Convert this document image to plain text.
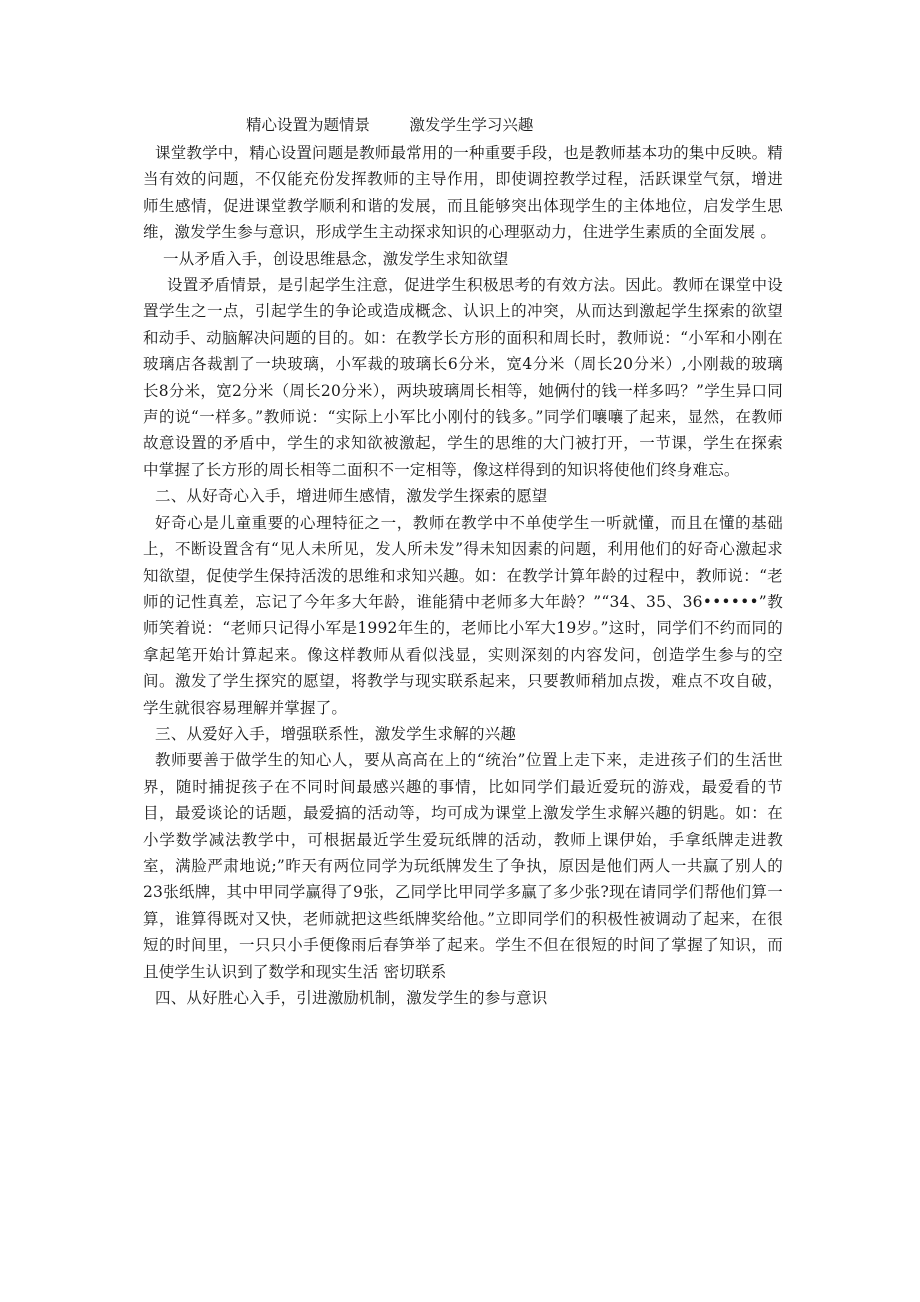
精心设置为题情景        激发学生学习兴趣

课堂教学中，精心设置问题是教师最常用的一种重要手段，也是教师基本功的集中反映。精当有效的问题，不仅能充份发挥教师的主导作用，即使调控教学过程，活跃课堂气氛，增进师生感情，促进课堂教学顺利和谐的发展，而且能够突出体现学生的主体地位，启发学生思维，激发学生参与意识，形成学生主动探求知识的心理驱动力，住进学生素质的全面发展 。

一从矛盾入手，创设思维悬念，激发学生求知欲望

设置矛盾情景，是引起学生注意，促进学生积极思考的有效方法。因此。教师在课堂中设置学生之一点，引起学生的争论或造成概念、认识上的冲突，从而达到激起学生探索的欲望和动手、动脑解决问题的目的。如：在教学长方形的面积和周长时，教师说：“小军和小刚在玻璃店各裁割了一块玻璃，小军裁的玻璃长6分米，宽4分米（周长20分米）,小刚裁的玻璃长8分米，宽2分米（周长20分米），两块玻璃周长相等，她俩付的钱一样多吗？”学生异口同声的说“一样多。”教师说：“实际上小军比小刚付的钱多。”同学们嚷嚷了起来，显然，在教师故意设置的矛盾中，学生的求知欲被激起，学生的思维的大门被打开，一节课，学生在探索中掌握了长方形的周长相等二面积不一定相等，像这样得到的知识将使他们终身难忘。

二、从好奇心入手，增进师生感情，激发学生探索的愿望

好奇心是儿童重要的心理特征之一，教师在教学中不单使学生一听就懂，而且在懂的基础上，不断设置含有“见人未所见，发人所未发”得未知因素的问题，利用他们的好奇心激起求知欲望，促使学生保持活泼的思维和求知兴趣。如：在教学计算年龄的过程中，教师说：“老师的记性真差，忘记了今年多大年龄，谁能猜中老师多大年龄？”“34、35、36••••••”教师笑着说：“老师只记得小军是1992年生的，老师比小军大19岁。”这时，同学们不约而同的拿起笔开始计算起来。像这样教师从看似浅显，实则深刻的内容发问，创造学生参与的空间。激发了学生探究的愿望，将教学与现实联系起来，只要教师稍加点拨，难点不攻自破，学生就很容易理解并掌握了。

三、从爱好入手，增强联系性，激发学生求解的兴趣

教师要善于做学生的知心人，要从高高在上的“统治”位置上走下来，走进孩子们的生活世界，随时捕捉孩子在不同时间最感兴趣的事情，比如同学们最近爱玩的游戏，最爱看的节目，最爱谈论的话题，最爱搞的活动等，均可成为课堂上激发学生求解兴趣的钥匙。如：在小学数学减法教学中，可根据最近学生爱玩纸牌的活动，教师上课伊始，手拿纸牌走进教室，满脸严肃地说;”昨天有两位同学为玩纸牌发生了争执，原因是他们两人一共赢了别人的23张纸牌，其中甲同学赢得了9张，乙同学比甲同学多赢了多少张?现在请同学们帮他们算一算，谁算得既对又快，老师就把这些纸牌奖给他。”立即同学们的积极性被调动了起来，在很短的时间里，一只只小手便像雨后春笋举了起来。学生不但在很短的时间了掌握了知识，而且使学生认识到了数学和现实生活 密切联系

四、从好胜心入手，引进激励机制，激发学生的参与意识
